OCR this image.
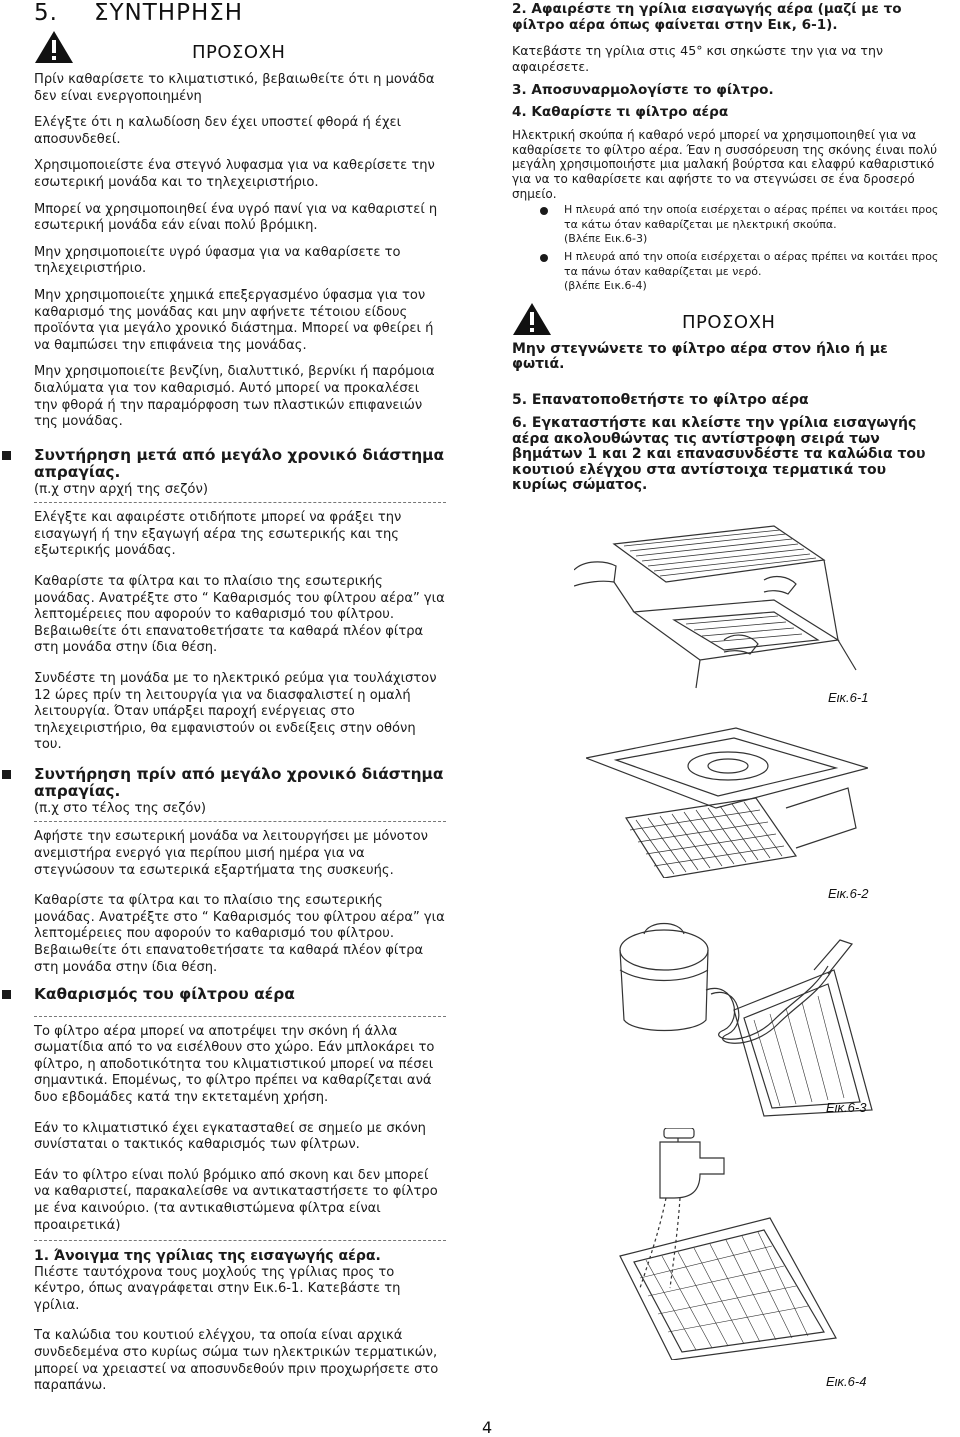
5. ΣΥΝΤΗΡΗΣΗ
ΠΡΟΣΟΧΗ

Πρίν καθαρίσετε το κλιματιστικό, βεβαιωθείτε ότι η μονάδα δεν είναι ενεργοποιημένη

Ελέγξτε ότι η καλωδίοση δεν έχει υποστεί φθορά ή έχει αποσυνδεθεί.

Χρησιμοποιείστε ένα στεγνό λυφασμα για να καθερίσετε την εσωτερική μονάδα και το τηλεχειριστήριο.

Μπορεί να χρησιμοποιηθεί ένα υγρό πανί για να καθαριστεί η εσωτερική μονάδα εάν είναι πολύ βρόμικη.

Μην χρησιμοποιείτε υγρό ύφασμα για να καθαρίσετε το τηλεχειριστήριο.

Μην χρησιμοποιείτε χημικά επεξεργασμένο ύφασμα για τον καθαρισμό της μονάδας και μην αφήνετε τέτοιου είδους προϊόντα για μεγάλο χρονικό διάστημα. Μπορεί να φθείρει ή να θαμπώσει την επιφάνεια της μονάδας.

Μην χρησιμοποιείτε βενζίνη, διαλυττικό, βερνίκι ή παρόμοια διαλύματα για τον καθαρισμό. Αυτό μπορεί να προκαλέσει την φθορά ή την παραμόρφοση των πλαστικών επιφανειών της μονάδας.

Συντήρηση μετά από μεγάλο χρονικό διάστημα απραγίας.

(π.χ στην αρχή της σεζόν)

Ελέγξτε και αφαιρέστε οτιδήποτε μπορεί να φράξει την εισαγωγή ή την εξαγωγή αέρα της εσωτερικής και της εξωτερικής μονάδας.

Καθαρίστε τα φίλτρα και το πλαίσιο της εσωτερικής μονάδας. Ανατρέξτε στο “ Καθαρισμός του φίλτρου αέρα” για λεπτομέρειες που αφορούν το καθαρισμό του φίλτρου. Βεβαιωθείτε ότι επανατοθετήσατε τα καθαρά πλέον φίτρα στη μονάδα στην ίδια θέση.

Συνδέστε τη μονάδα με το ηλεκτρικό ρεύμα για τουλάχιστον 12 ώρες πρίν τη λειτουργία για να διασφαλιστεί η ομαλή λειτουργία. Όταν υπάρξει παροχή ενέργειας στο τηλεχειριστήριο, θα εμφανιστούν οι ενδείξεις στην οθόνη του.

Συντήρηση πρίν από μεγάλο χρονικό διάστημα απραγίας.

(π.χ στο τέλος της σεζόν)

Αφήστε την εσωτερική μονάδα να λειτουργήσει με μόνοτον ανεμιστήρα ενεργό για περίπου μισή ημέρα για να στεγνώσουν τα εσωτερικά εξαρτήματα της συσκευής.

Καθαρίστε τα φίλτρα και το πλαίσιο της εσωτερικής μονάδας. Ανατρέξτε στο “ Καθαρισμός του φίλτρου αέρα” για λεπτομέρειες που αφορούν το καθαρισμό του φίλτρου. Βεβαιωθείτε ότι επανατοθετήσατε τα καθαρά πλέον φίτρα στη μονάδα στην ίδια θέση.

Καθαρισμός του φίλτρου αέρα

Το φίλτρο αέρα μπορεί να αποτρέψει την σκόνη ή άλλα σωματίδια από το να εισέλθουν στο χώρο. Εάν μπλοκάρει το φίλτρο, η αποδοτικότητα του κλιματιστικού μπορεί να πέσει σημαντικά. Επομένως, το φίλτρο πρέπει να καθαρίζεται ανά δυο εβδομάδες κατά την εκτεταμένη χρήση.

Εάν το κλιματιστικό έχει εγκατασταθεί σε σημείο με σκόνη συνίσταται ο τακτικός καθαρισμός των φίλτρων.

Εάν το φίλτρο είναι πολύ βρόμικο από σκονη και δεν μπορεί να καθαριστεί, παρακαλείσθε να αντικαταστήσετε το φίλτρο με ένα καινούριο. (τα αντικαθιστώμενα φίλτρα είναι προαιρετικά)

1. Άνοιγμα της γρίλιας της εισαγωγής αέρα.

Πιέστε ταυτόχρονα τους μοχλούς της γρίλιας προς το κέντρο, όπως αναγράφεται στην Εικ.6-1. Κατεβάστε τη γρίλια.

Τα καλώδια του κουτιού ελέγχου, τα οποία είναι αρχικά συνδεδεμένα στο κυρίως σώμα των ηλεκτρικών τερματικών, μπορεί να χρειαστεί να αποσυνδεθούν πριν προχωρήσετε στο παραπάνω.

2. Αφαιρέστε τη γρίλια εισαγωγής αέρα (μαζί με το φίλτρο αέρα όπως φαίνεται στην Εικ, 6-1).

Κατεβάστε τη γρίλια στις 45° κσι σηκώστε την για να την αφαιρέσετε.

3. Αποσυναρμολογίστε το φίλτρο.

4. Καθαρίστε τι φίλτρο αέρα

Ηλεκτρική σκούπα ή καθαρό νερό μπορεί να χρησιμοποιηθεί για να καθαρίσετε το φίλτρο αέρα. Έαν η συσσόρευση της σκόνης έιναι πολύ μεγάλη χρησιμοποιήστε μια μαλακή βούρτσα και ελαφρύ καθαριστικό για να το καθαρίσετε και αφήστε το να στεγνώσει σε ένα δροσερό σημείο.

Η πλευρά από την οποία εισέρχεται ο αέρας πρέπει να κοιτάει προς τα κάτω όταν καθαρίζεται με ηλεκτρική σκούπα.
(Βλέπε Εικ.6-3)
Η πλευρά από την οποία εισέρχεται ο αέρας πρέπει να κοιτάει προς τα πάνω όταν καθαρίζεται με νερό.
(βλέπε Εικ.6-4)
ΠΡΟΣΟΧΗ

Μην στεγνώνετε το φίλτρο αέρα στον ήλιο ή με φωτιά.

5. Επανατοποθετήστε το φίλτρο αέρα

6. Εγκαταστήστε και κλείστε την γρίλια εισαγωγής αέρα ακολουθώντας τις αντίστροφη σειρά των βημάτων 1 και 2 και επανασυνδέστε τα καλώδια του κουτιού ελέγχου στα αντίστοιχα τερματικά του κυρίως σώματος.

Εικ.6-1
Εικ.6-2
Εικ.6-3
Εικ.6-4
4
